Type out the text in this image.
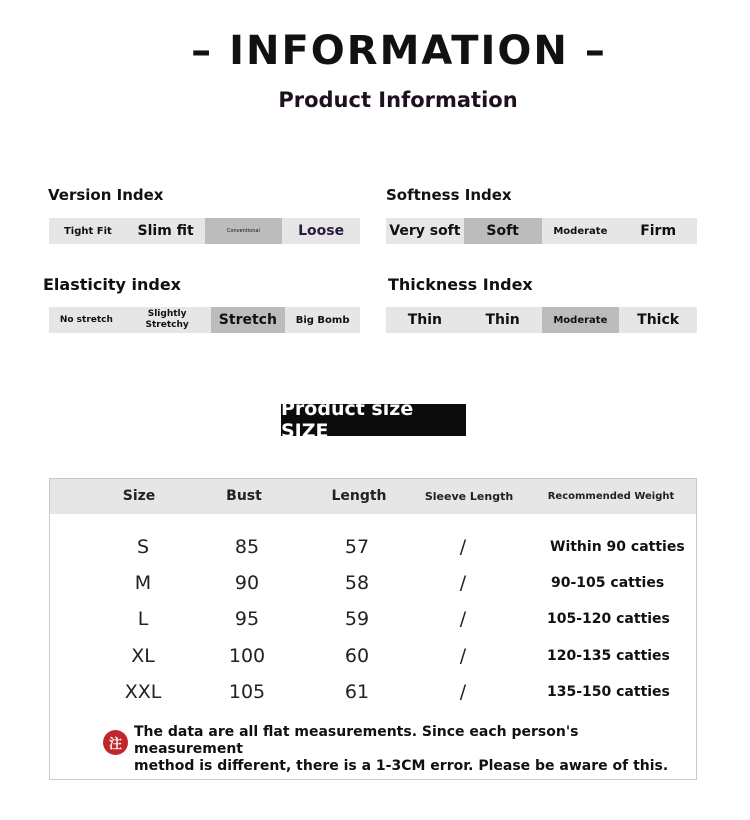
– INFORMATION –
Product Information
Version Index
Tight Fit	Slim fit	Conventional	Loose
Softness Index
Very soft	Soft	Moderate	Firm
Elasticity index
No stretch
Slightly Stretchy	Stretch	Big Bomb
Thickness Index
Thin	Thin	Moderate	Thick
Product size SIZE
Size	Bust	Length	Sleeve Length	Recommended Weight
S	85	57	/	Within 90 catties
M	90	58	/	90-105 catties
L	95	59	/	105-120 catties
XL	100	60	/	120-135 catties
XXL	105	61	/	135-150 catties
注
The data are all flat measurements. Since each person's measurement
method is different, there is a 1-3CM error. Please be aware of this.
